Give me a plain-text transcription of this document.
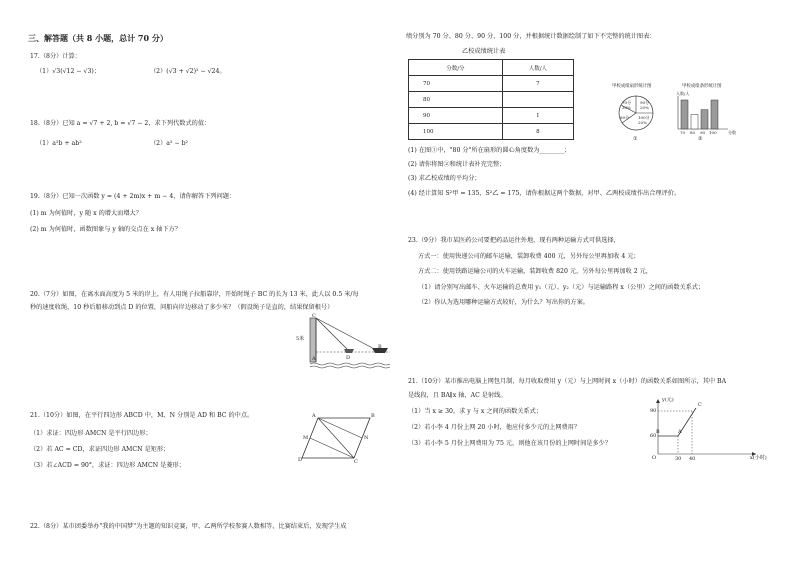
三、解答题（共 8 小题，总计 70 分）
17.（8分）计算：
（1）√3(√12 − √3)；	（2）(√3 + √2)² − √24。
18.（8分）已知 a = √7 + 2, b = √7 − 2，求下列代数式的值：
（1）a²b + ab²	（2）a² − b²
19.（8分）已知一次函数 y = (4 + 2m)x + m − 4，请你解答下列问题：
(1) m 为何值时，y 随 x 的增大而增大？
(2) m 为何值时，函数图象与 y 轴的交点在 x 轴下方？
20.（7分）如图，在离水面高度为 5 米的岸上，有人用绳子拉船靠岸，开始时绳子 BC 的长为 13 米，此人以 0.5 米/每
秒的速度收绳，10 秒后船移动到点 D 的位置，问船向岸边移动了多少米？（假设绳子是直的，结果保留根号）
C
5米
A	D
B
21.（10分）如图，在平行四边形 ABCD 中，M、N 分别是 AD 和 BC 的中点。
（1）求证：四边形 AMCN 是平行四边形；
（2）若 AC = CD，求证四边形 AMCN 是矩形；
（3）若∠ACD = 90°，求证：四边形 AMCN 是菱形；
A	B
M	N
D	C
22.（8分）某市团委举办"我的中国梦"为主题的知识竞赛，甲、乙两所学校参赛人数相等，比赛结束后，发现学生成
绩分别为 70 分、80 分、90 分、100 分，并根据统计数据绘制了如下不完整的统计图表：
乙校成绩统计表
分数/分	人数/人
70	7
80	
90	1
100	8
甲校成绩扇形统计图
70分
30%
90分
20%
80分 100分
20%
①
甲校成绩条形统计图
人数/人
70 80 90 100	分数
②
(1) 在图①中，"80 分"所在扇形的圆心角度数为________；
(2) 请你将图②和统计表补充完整；
(3) 求乙校成绩的平均分；
(4) 经计算知 S²甲 = 135，S²乙 = 175，请你根据这两个数据，对甲、乙两校成绩作出合理评价。
23.（9分）我市某医药公司要把药品运往外地，现有两种运输方式可供选择，
方式一：使用快递公司的邮车运输，装卸收费 400 元，另外每公里再加收 4 元；
方式二：使用铁路运输公司的火车运输，装卸收费 820 元，另外每公里再加收 2 元，
（1）请分别写出邮车、火车运输的总费用 y₁（元）、y₂（元）与运输路程 x（公里）之间的函数关系式；
（2）你认为选用哪种运输方式较好，为什么？写出你的方案。
21.（10分）某市推出电脑上网包月制，每月收取费用 y（元）与上网时间 x（小时）的函数关系如图所示，其中 BA
是线段，且 BA∥x 轴，AC 是射线。
（1）当 x ≥ 30，求 y 与 x 之间的函数关系式；
（2）若小李 4 月份上网 20 小时，他应付多少元的上网费用？
（3）若小李 5 月份上网费用为 75 元，则他在该月份的上网时间是多少？
y(元)
x(小时)
90
60
30 40
O
B	A
C
